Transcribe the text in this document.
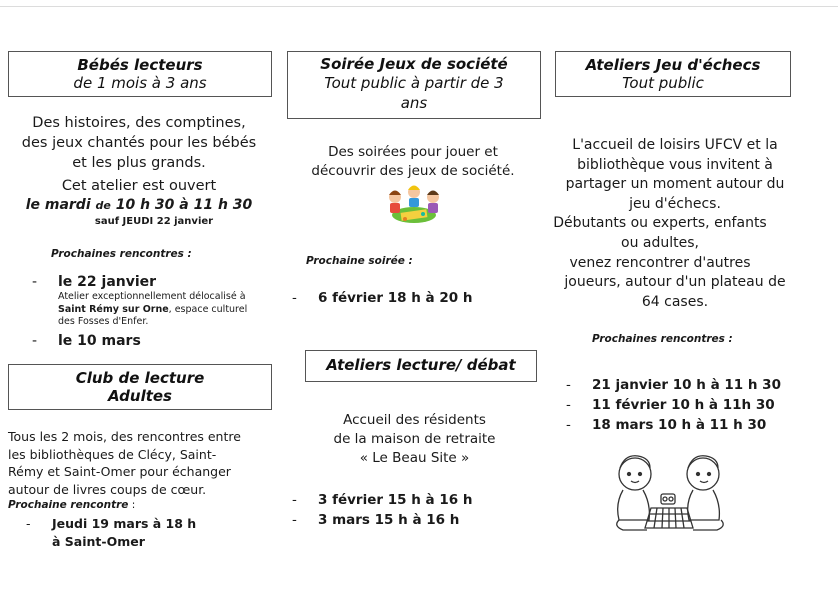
Bébés lecteurs
de 1 mois à 3 ans
Des histoires, des comptines,
des jeux chantés pour les bébés
et les plus grands.
Cet atelier est ouvert
le mardi de 10 h 30 à 11 h 30
sauf JEUDI 22 janvier
Prochaines rencontres :
- le 22 janvier
Atelier exceptionnellement délocalisé à
Saint Rémy sur Orne, espace culturel
des Fosses d'Enfer.
- le 10 mars
Club de lecture
Adultes
Tous les 2 mois, des rencontres entre
les bibliothèques de Clécy, Saint-
Rémy et Saint-Omer pour échanger
autour de livres coups de cœur.
Prochaine rencontre :
- Jeudi 19 mars à 18 h
à Saint-Omer
Soirée Jeux de société
Tout public à partir de 3
ans
Des soirées pour jouer et
découvrir des jeux de société.
Prochaine soirée :
- 6 février 18 h à 20 h
Ateliers lecture/ débat
Accueil des résidents
de la maison de retraite
« Le Beau Site »
- 3 février 15 h à 16 h
- 3 mars 15 h à 16 h
Ateliers Jeu d'échecs
Tout public
L'accueil de loisirs UFCV et la
bibliothèque vous invitent à
partager un moment autour du
jeu d'échecs.
Débutants ou experts, enfants
ou adultes,
venez rencontrer d'autres
joueurs, autour d'un plateau de
64 cases.
Prochaines rencontres :
- 21 janvier 10 h à 11 h 30
- 11 février 10 h à 11h 30
- 18 mars 10 h à 11 h 30
